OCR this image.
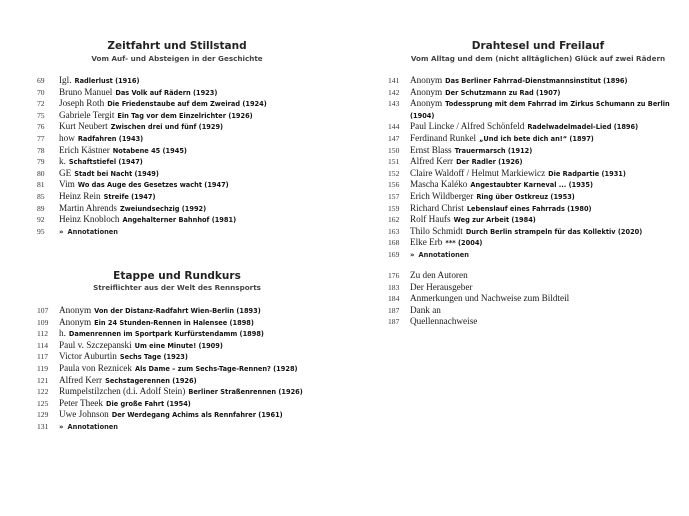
Zeitfahrt und Stillstand
Vom Auf- und Absteigen in der Geschichte
69 Igl. Radlerlust (1916)
70 Bruno Manuel Das Volk auf Rädern (1923)
72 Joseph Roth Die Friedenstaube auf dem Zweirad (1924)
75 Gabriele Tergit Ein Tag vor dem Einzelrichter (1926)
76 Kurt Neubert Zwischen drei und fünf (1929)
77 how Radfahren (1943)
78 Erich Kästner Notabene 45 (1945)
79 k. Schaftstiefel (1947)
80 GE Stadt bei Nacht (1949)
81 Vim Wo das Auge des Gesetzes wacht (1947)
85 Heinz Rein Streife (1947)
89 Martin Ahrends Zweiundsechzig (1992)
92 Heinz Knobloch Angehalterner Bahnhof (1981)
95 » Annotationen
Etappe und Rundkurs
Streiflichter aus der Welt des Rennsports
107 Anonym Von der Distanz-Radfahrt Wien-Berlin (1893)
109 Anonym Ein 24 Stunden-Rennen in Halensee (1898)
112 h. Damenrennen im Sportpark Kurfürstendamm (1898)
114 Paul v. Szczepanski Um eine Minute! (1909)
117 Victor Auburtin Sechs Tage (1923)
119 Paula von Reznicek Als Dame – zum Sechs-Tage-Rennen? (1928)
121 Alfred Kerr Sechstagerennen (1926)
122 Rumpelstilzchen (d.i. Adolf Stein) Berliner Straßenrennen (1926)
125 Peter Theek Die große Fahrt (1954)
129 Uwe Johnson Der Werdegang Achims als Rennfahrer (1961)
131 » Annotationen
Drahtesel und Freilauf
Vom Alltag und dem (nicht alltäglichen) Glück auf zwei Rädern
141 Anonym Das Berliner Fahrrad-Dienstmannsinstitut (1896)
142 Anonym Der Schutzmann zu Rad (1907)
143 Anonym Todessprung mit dem Fahrrad im Zirkus Schumann zu Berlin
(1904)
144 Paul Lincke / Alfred Schönfeld Radelwadelmadel-Lied (1896)
147 Ferdinand Runkel „Und ich bete dich an!“ (1897)
150 Ernst Blass Trauermarsch (1912)
151 Alfred Kerr Der Radler (1926)
152 Claire Waldoff / Helmut Markiewicz Die Radpartie (1931)
156 Mascha Kaléko Angestaubter Karneval ... (1935)
157 Erich Wildberger Ring über Ostkreuz (1953)
159 Richard Christ Lebenslauf eines Fahrrads (1980)
162 Rolf Haufs Weg zur Arbeit (1984)
163 Thilo Schmidt Durch Berlin strampeln für das Kollektiv (2020)
168 Elke Erb *** (2004)
169 » Annotationen
176 Zu den Autoren
183 Der Herausgeber
184 Anmerkungen und Nachweise zum Bildteil
187 Dank an
187 Quellennachweise
